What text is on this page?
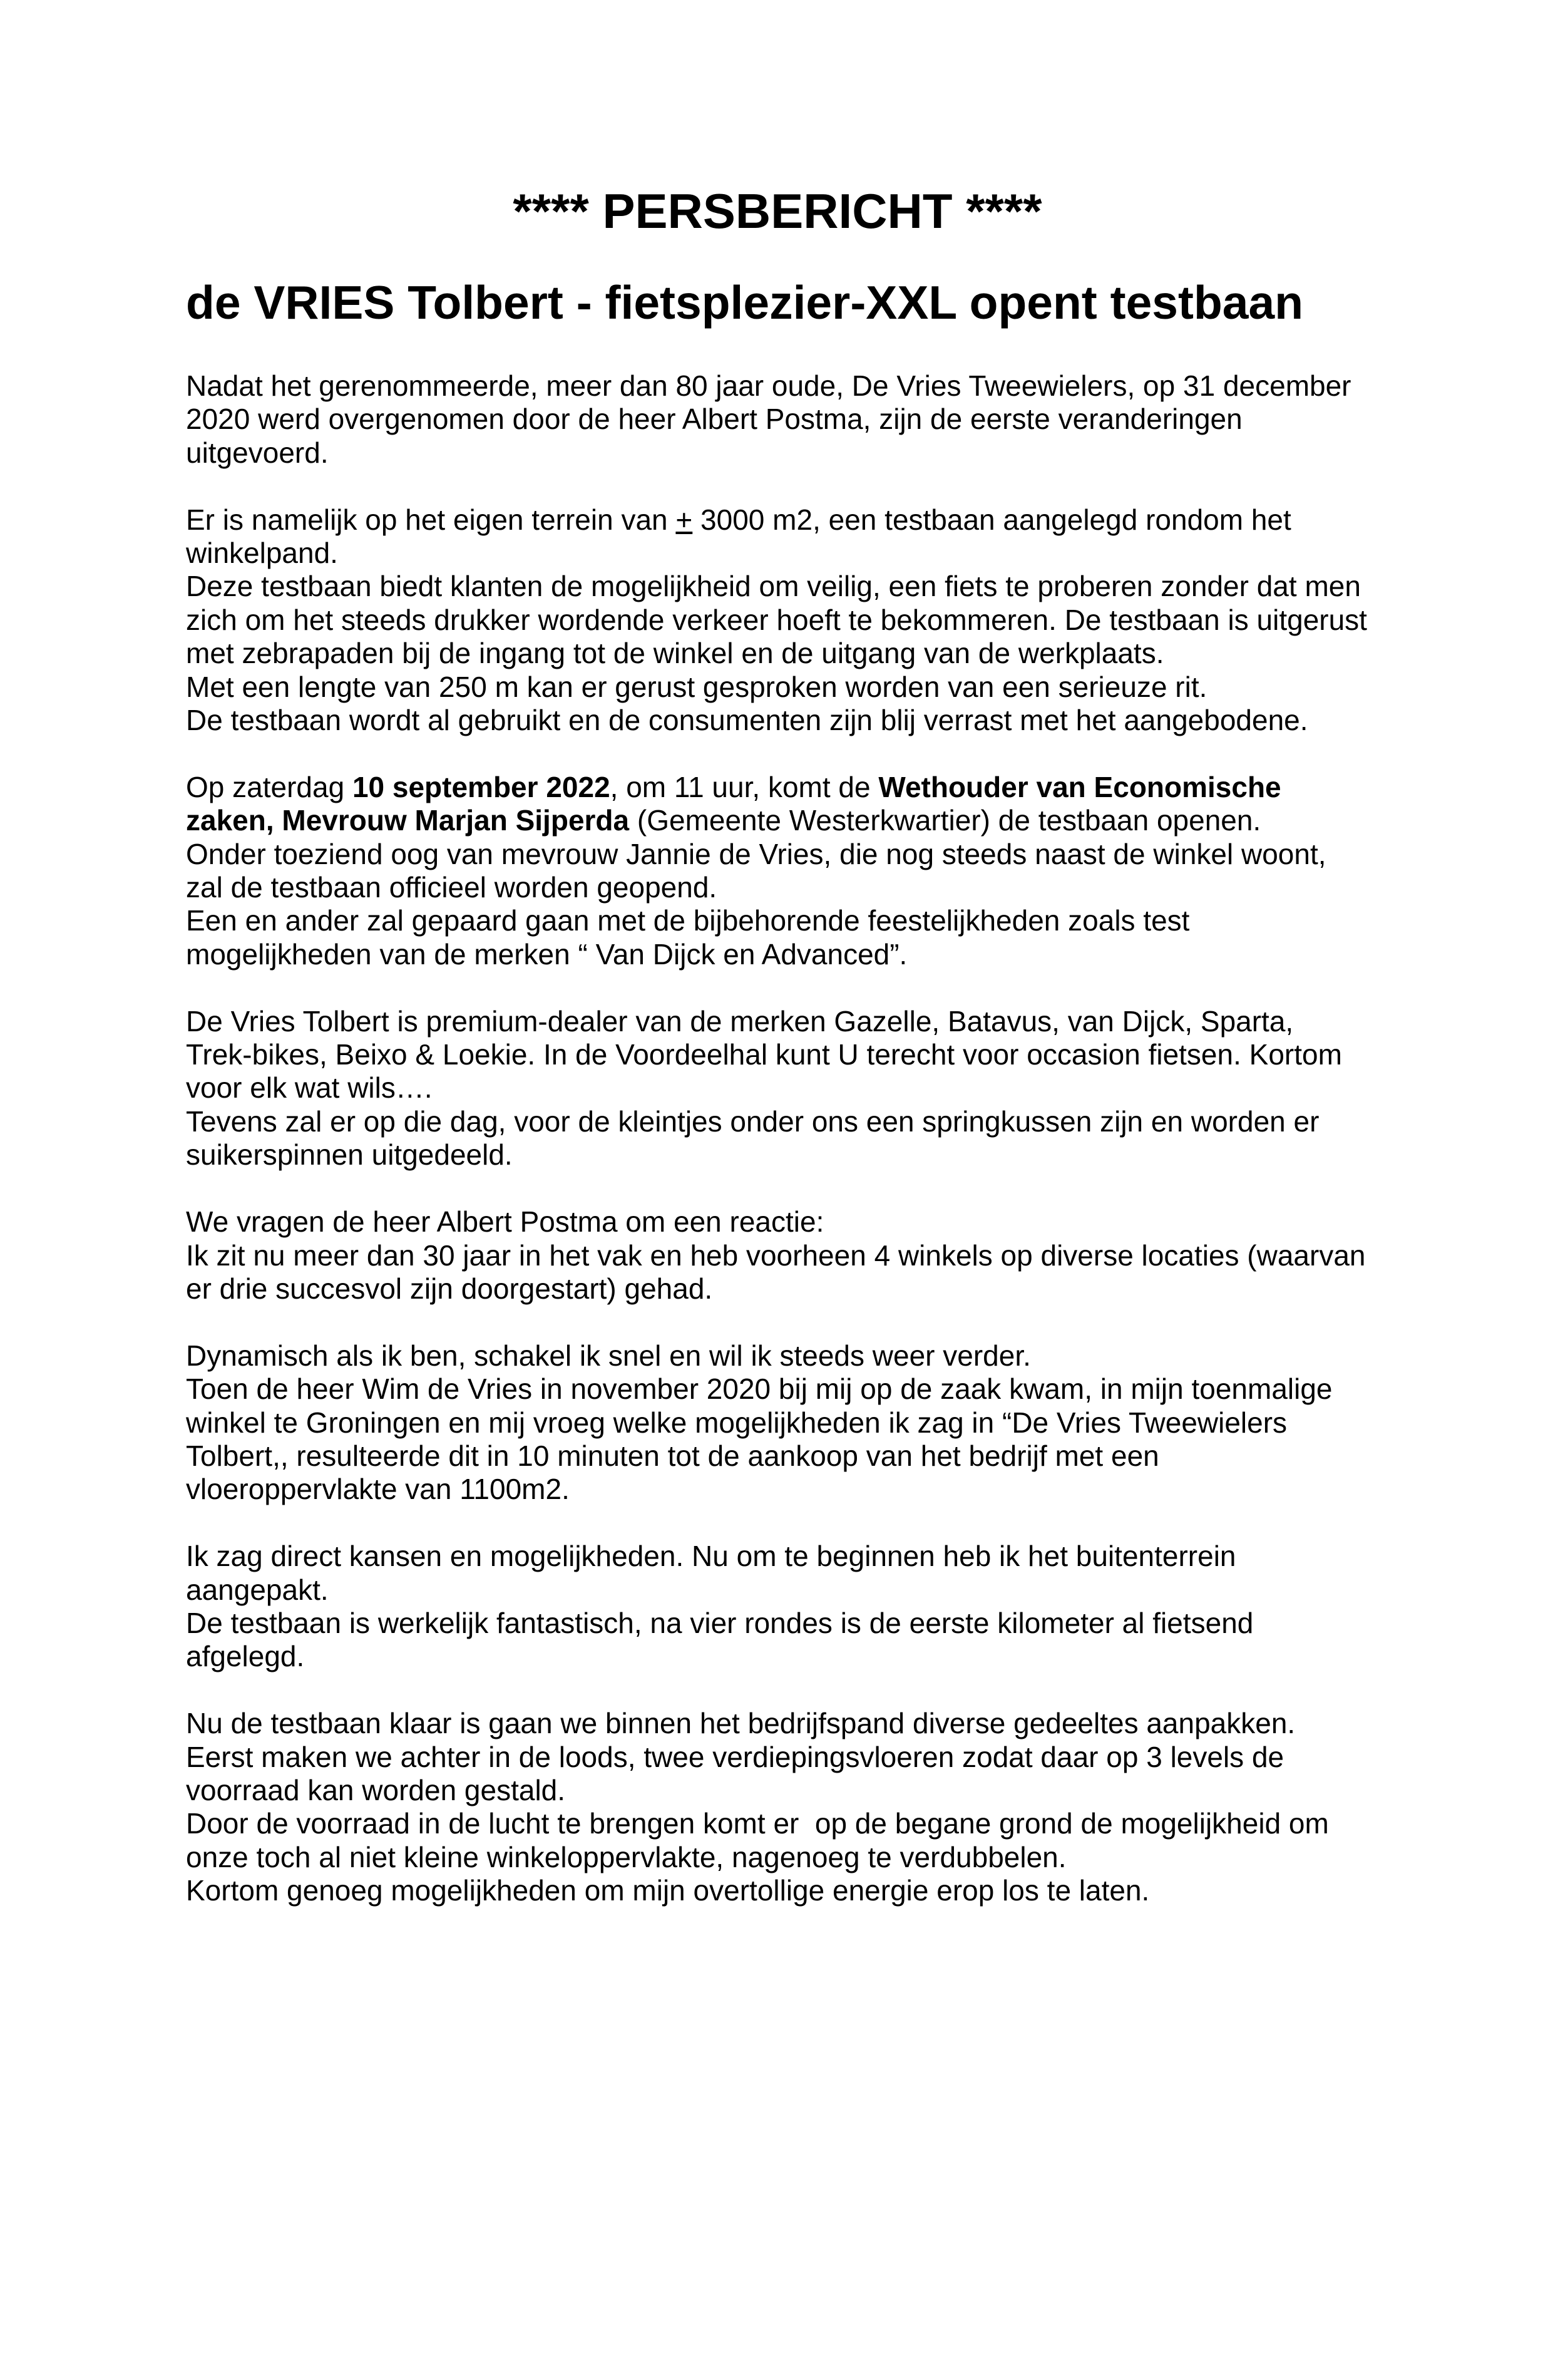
**** PERSBERICHT ****
de VRIES Tolbert - fietsplezier-XXL opent testbaan
Nadat het gerenommeerde, meer dan 80 jaar oude, De Vries Tweewielers, op 31 december
2020 werd overgenomen door de heer Albert Postma, zijn de eerste veranderingen
uitgevoerd.
Er is namelijk op het eigen terrein van + 3000 m2, een testbaan aangelegd rondom het
winkelpand.
Deze testbaan biedt klanten de mogelijkheid om veilig, een fiets te proberen zonder dat men
zich om het steeds drukker wordende verkeer hoeft te bekommeren. De testbaan is uitgerust
met zebrapaden bij de ingang tot de winkel en de uitgang van de werkplaats.
Met een lengte van 250 m kan er gerust gesproken worden van een serieuze rit.
De testbaan wordt al gebruikt en de consumenten zijn blij verrast met het aangebodene.
Op zaterdag 10 september 2022, om 11 uur, komt de Wethouder van Economische
zaken, Mevrouw Marjan Sijperda (Gemeente Westerkwartier) de testbaan openen.
Onder toeziend oog van mevrouw Jannie de Vries, die nog steeds naast de winkel woont,
zal de testbaan officieel worden geopend.
Een en ander zal gepaard gaan met de bijbehorende feestelijkheden zoals test
mogelijkheden van de merken “ Van Dijck en Advanced”.
De Vries Tolbert is premium-dealer van de merken Gazelle, Batavus, van Dijck, Sparta,
Trek-bikes, Beixo & Loekie. In de Voordeelhal kunt U terecht voor occasion fietsen. Kortom
voor elk wat wils….
Tevens zal er op die dag, voor de kleintjes onder ons een springkussen zijn en worden er
suikerspinnen uitgedeeld.
We vragen de heer Albert Postma om een reactie:
Ik zit nu meer dan 30 jaar in het vak en heb voorheen 4 winkels op diverse locaties (waarvan
er drie succesvol zijn doorgestart) gehad.
Dynamisch als ik ben, schakel ik snel en wil ik steeds weer verder.
Toen de heer Wim de Vries in november 2020 bij mij op de zaak kwam, in mijn toenmalige
winkel te Groningen en mij vroeg welke mogelijkheden ik zag in “De Vries Tweewielers
Tolbert,, resulteerde dit in 10 minuten tot de aankoop van het bedrijf met een
vloeroppervlakte van 1100m2.
Ik zag direct kansen en mogelijkheden. Nu om te beginnen heb ik het buitenterrein
aangepakt.
De testbaan is werkelijk fantastisch, na vier rondes is de eerste kilometer al fietsend
afgelegd.
Nu de testbaan klaar is gaan we binnen het bedrijfspand diverse gedeeltes aanpakken.
Eerst maken we achter in de loods, twee verdiepingsvloeren zodat daar op 3 levels de
voorraad kan worden gestald.
Door de voorraad in de lucht te brengen komt er  op de begane grond de mogelijkheid om
onze toch al niet kleine winkeloppervlakte, nagenoeg te verdubbelen.
Kortom genoeg mogelijkheden om mijn overtollige energie erop los te laten.
